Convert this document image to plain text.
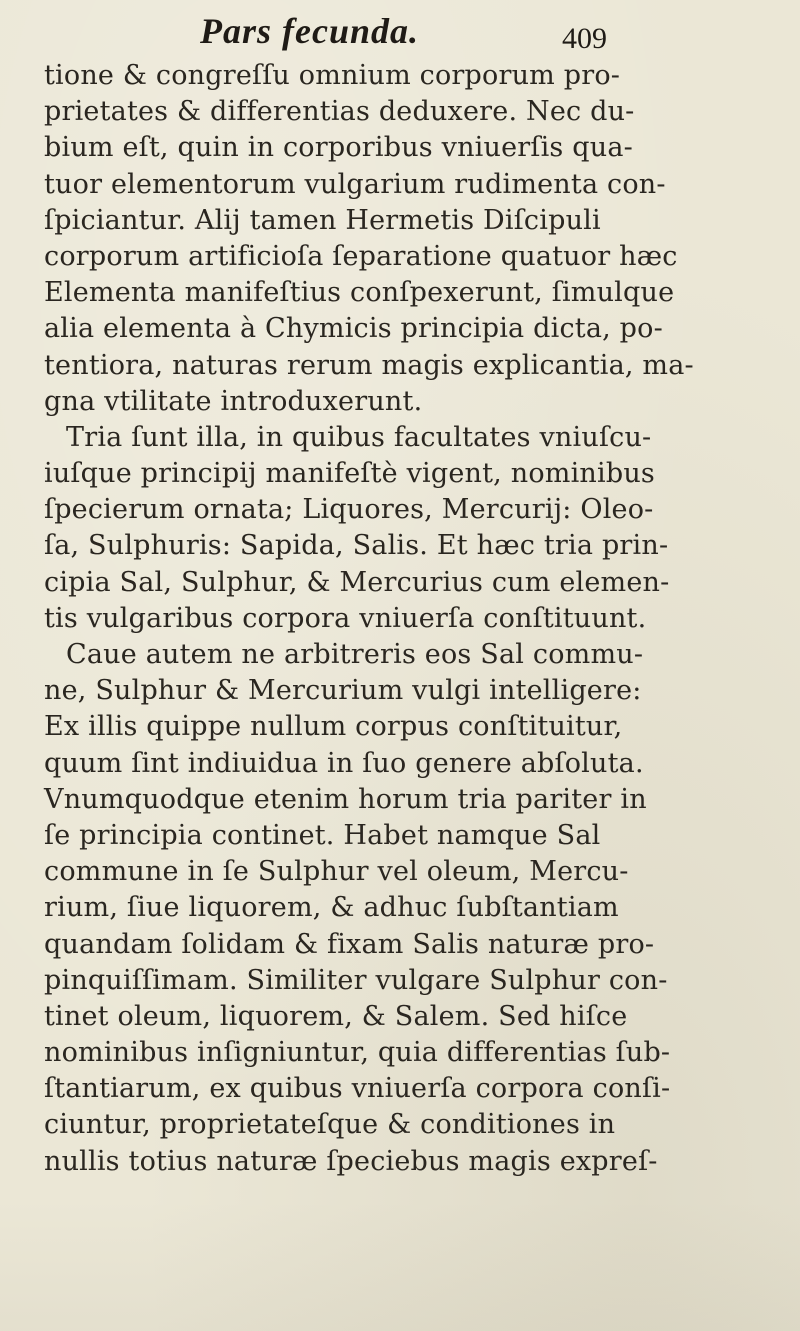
Pars fecunda.	409
tione & congreſſu omnium corporum pro-
prietates & differentias deduxere. Nec du-
bium eſt, quin in corporibus vniuerſis qua-
tuor elementorum vulgarium rudimenta con-
ſpiciantur. Alij tamen Hermetis Diſcipuli
corporum artificioſa ſeparatione quatuor hæc
Elementa manifeſtius conſpexerunt, ſimulque
alia elementa à Chymicis principia dicta, po-
tentiora, naturas rerum magis explicantia, ma-
gna vtilitate introduxerunt.
Tria ſunt illa, in quibus facultates vniuſcu-
iuſque principij manifeſtè vigent, nominibus
ſpecierum ornata; Liquores, Mercurij: Oleo-
ſa, Sulphuris: Sapida, Salis. Et hæc tria prin-
cipia Sal, Sulphur, & Mercurius cum elemen-
tis vulgaribus corpora vniuerſa conſtituunt.
Caue autem ne arbitreris eos Sal commu-
ne, Sulphur & Mercurium vulgi intelligere:
Ex illis quippe nullum corpus conſtituitur,
quum ſint indiuidua in ſuo genere abſoluta.
Vnumquodque etenim horum tria pariter in
ſe principia continet. Habet namque Sal
commune in ſe Sulphur vel oleum, Mercu-
rium, ſiue liquorem, & adhuc ſubſtantiam
quandam ſolidam & fixam Salis naturæ pro-
pinquiſſimam. Similiter vulgare Sulphur con-
tinet oleum, liquorem, & Salem. Sed hiſce
nominibus inſigniuntur, quia differentias ſub-
ſtantiarum, ex quibus vniuerſa corpora conſi-
ciuntur, proprietateſque & conditiones in
nullis totius naturæ ſpeciebus magis expreſ-
